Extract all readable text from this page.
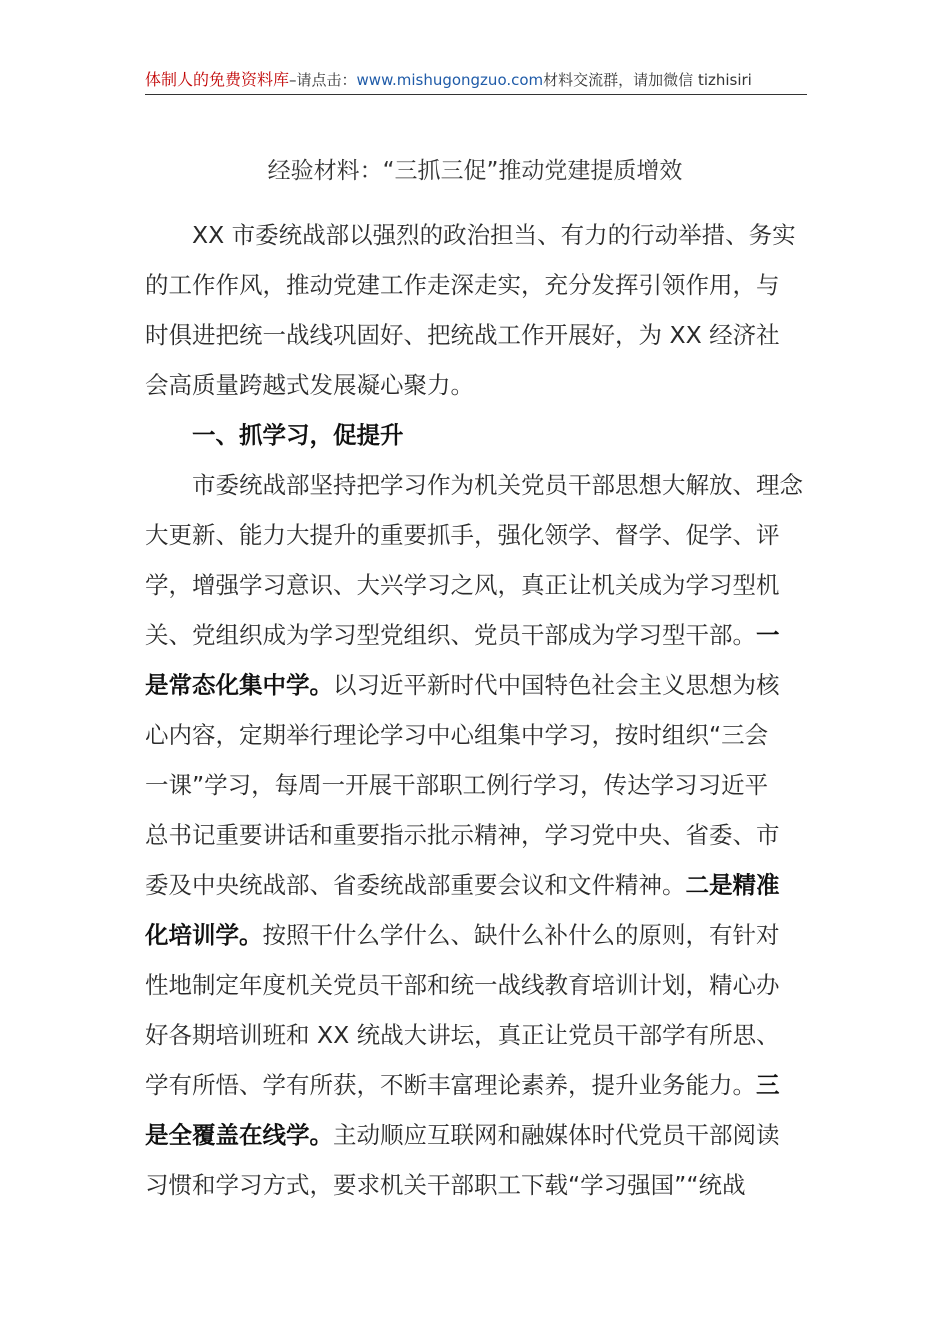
体制人的免费资料库–请点击：www.mishugongzuo.com材料交流群，请加微信 tizhisiri
经验材料：“三抓三促”推动党建提质增效
XX 市委统战部以强烈的政治担当、有力的行动举措、务实
的工作作风，推动党建工作走深走实，充分发挥引领作用，与
时俱进把统一战线巩固好、把统战工作开展好，为 XX 经济社
会高质量跨越式发展凝心聚力。
一、抓学习，促提升
市委统战部坚持把学习作为机关党员干部思想大解放、理念
大更新、能力大提升的重要抓手，强化领学、督学、促学、评
学，增强学习意识、大兴学习之风，真正让机关成为学习型机
关、党组织成为学习型党组织、党员干部成为学习型干部。一
是常态化集中学。以习近平新时代中国特色社会主义思想为核
心内容，定期举行理论学习中心组集中学习，按时组织“三会
一课”学习，每周一开展干部职工例行学习，传达学习习近平
总书记重要讲话和重要指示批示精神，学习党中央、省委、市
委及中央统战部、省委统战部重要会议和文件精神。二是精准
化培训学。按照干什么学什么、缺什么补什么的原则，有针对
性地制定年度机关党员干部和统一战线教育培训计划，精心办
好各期培训班和 XX 统战大讲坛，真正让党员干部学有所思、
学有所悟、学有所获，不断丰富理论素养，提升业务能力。三
是全覆盖在线学。主动顺应互联网和融媒体时代党员干部阅读
习惯和学习方式，要求机关干部职工下载“学习强国”“统战
